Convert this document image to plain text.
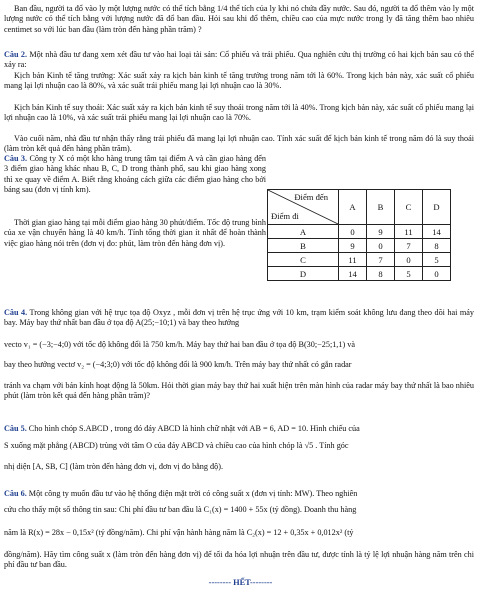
Ban đầu, người ta đổ vào ly một lượng nước có thể tích bằng 1/4 thể tích của ly khi nó chứa đầy nước. Sau đó, người ta đổ thêm vào ly một lượng nước có thể tích bằng với lượng nước đã đổ ban đầu. Hỏi sau khi đổ thêm, chiều cao của mực nước trong ly đã tăng thêm bao nhiêu centimet so với lúc ban đầu (làm tròn đến hàng phần trăm) ?

Câu 2. Một nhà đầu tư đang xem xét đầu tư vào hai loại tài sản: Cổ phiếu và trái phiếu. Qua nghiên cứu thị trường có hai kịch bản sau có thể xảy ra:

Kịch bản Kinh tế tăng trưởng: Xác suất xảy ra kịch bản kinh tế tăng trưởng trong năm tới là 60%. Trong kịch bản này, xác suất cổ phiếu mang lại lợi nhuận cao là 80%, và xác suất trái phiếu mang lại lợi nhuận cao là 30%.

Kịch bản Kinh tế suy thoái: Xác suất xảy ra kịch bản kinh tế suy thoái trong năm tới là 40%. Trong kịch bản này, xác suất cổ phiếu mang lại lợi nhuận cao là 10%, và xác suất trái phiếu mang lại lợi nhuận cao là 70%.

Vào cuối năm, nhà đầu tư nhận thấy rằng trái phiếu đã mang lại lợi nhuận cao. Tính xác suất để kịch bản kinh tế trong năm đó là suy thoái (làm tròn kết quả đến hàng phần trăm).

Câu 3. Công ty X có một kho hàng trung tâm tại điểm A và cần giao hàng đến 3 điểm giao hàng khác nhau B, C, D trong thành phố, sau khi giao hàng xong thì xe quay về điểm A. Biết rằng khoảng cách giữa các điểm giao hàng cho bởi bảng sau (đơn vị tính km).

Thời gian giao hàng tại mỗi điểm giao hàng 30 phút/điểm. Tốc độ trung bình của xe vận chuyển hàng là 40 km/h. Tính tổng thời gian ít nhất để hoàn thành việc giao hàng nói trên (đơn vị đo: phút, làm tròn đến hàng đơn vị).

Điểm đến
Điểm đi	A	B	C	D
A	0	9	11	14
B	9	0	7	8
C	11	7	0	5
D	14	8	5	0

Câu 4. Trong không gian với hệ trục tọa độ Oxyz , mỗi đơn vị trên hệ trục ứng với 10 km, trạm kiểm soát không lưu đang theo dõi hai máy bay. Máy bay thứ nhất ban đầu ở tọa độ A(25;−10;1) và bay theo hướng

vecto v₁ = (−3;−4;0) với tốc độ không đổi là 750 km/h. Máy bay thứ hai ban đầu ở tọa độ B(30;−25;1,1) và

bay theo hướng vectơ v₂ = (−4;3;0) với tốc độ không đổi là 900 km/h. Trên máy bay thứ nhất có gắn radar

tránh va chạm với bán kính hoạt động là 50km. Hỏi thời gian máy bay thứ hai xuất hiện trên màn hình của radar máy bay thứ nhất là bao nhiêu phút (làm tròn kết quả đến hàng phần trăm)?

Câu 5. Cho hình chóp S.ABCD , trong đó đáy ABCD là hình chữ nhật với AB = 6, AD = 10. Hình chiếu của

S xuống mặt phẳng (ABCD) trùng với tâm O của đáy ABCD và chiều cao của hình chóp là √5 . Tính góc

nhị diện [A, SB, C] (làm tròn đến hàng đơn vị, đơn vị đo bằng độ).

Câu 6. Một công ty muốn đầu tư vào hệ thống điện mặt trời có công suất x (đơn vị tính: MW). Theo nghiên

cứu cho thấy một số thông tin sau: Chi phí đầu tư ban đầu là C₁(x) = 1400 + 55x (tỷ đồng). Doanh thu hàng

năm là R(x) = 28x − 0,15x² (tỷ đồng/năm). Chi phí vận hành hàng năm là C₂(x) = 12 + 0,35x + 0,012x² (tỷ

đồng/năm). Hãy tìm công suất x (làm tròn đến hàng đơn vị) để tối đa hóa lợi nhuận trên đầu tư, được tính là tỷ lệ lợi nhuận hàng năm trên chi phí đầu tư ban đầu.

-------- HẾT--------
